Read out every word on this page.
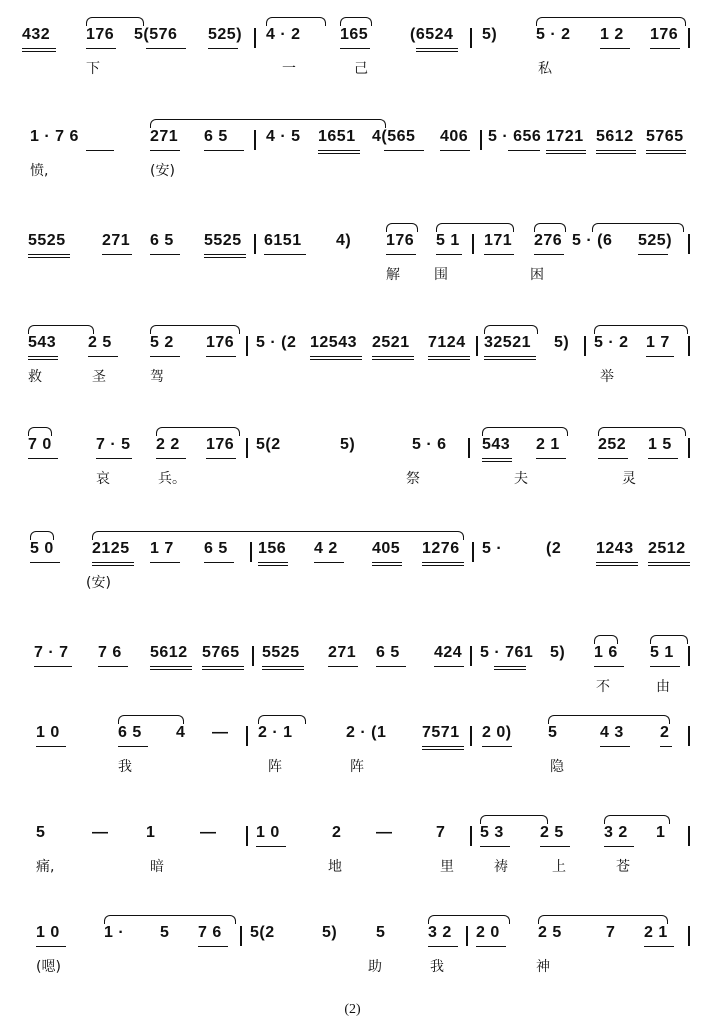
432 176 5(576 525) 4 · 2 165	(6524 5) 5 · 2 1 2 176
下	一	己	私
1 · 7 6	271 6 5 4 · 5 1651 4(565 406 5 · 656 1721 5612 5765
愤,	(安)
5525 271 6 5 5525 6151 4) 176 5 1 171 276 5 · (6 525)
解 围	困
543 2 5 5 2 176 5 · (2 12543 2521 7124 32521 5) 5 · 2 1 7
救	圣	驾	举
7 0	7 · 5 2 2 176 5(2	5)	5 · 6 543 2 1 252 1 5
哀	兵。	祭	夫	灵
5 0 2125 1 7 6 5 156 4 2 405 1276 5 ·	(2 1243 2512
(安)
7 · 7 7 6 5612 5765 5525 271 6 5 424 5 · 761 5) 1 6 5 1
不	由
1 0	6 5 4 — 2 · 1	2 · (1 7571 2 0) 5	4 3 2
我	阵	阵	隐
5	— 1	— 1 0	2 —	7 5 3 2 5	3 2 1
痛,	暗	地	里	祷	上	苍
1 0	1 · 5 7 6 5(2	5) 5	3 2 2 0 2 5	7 2 1
(嗯)	助	我	神
(2)
